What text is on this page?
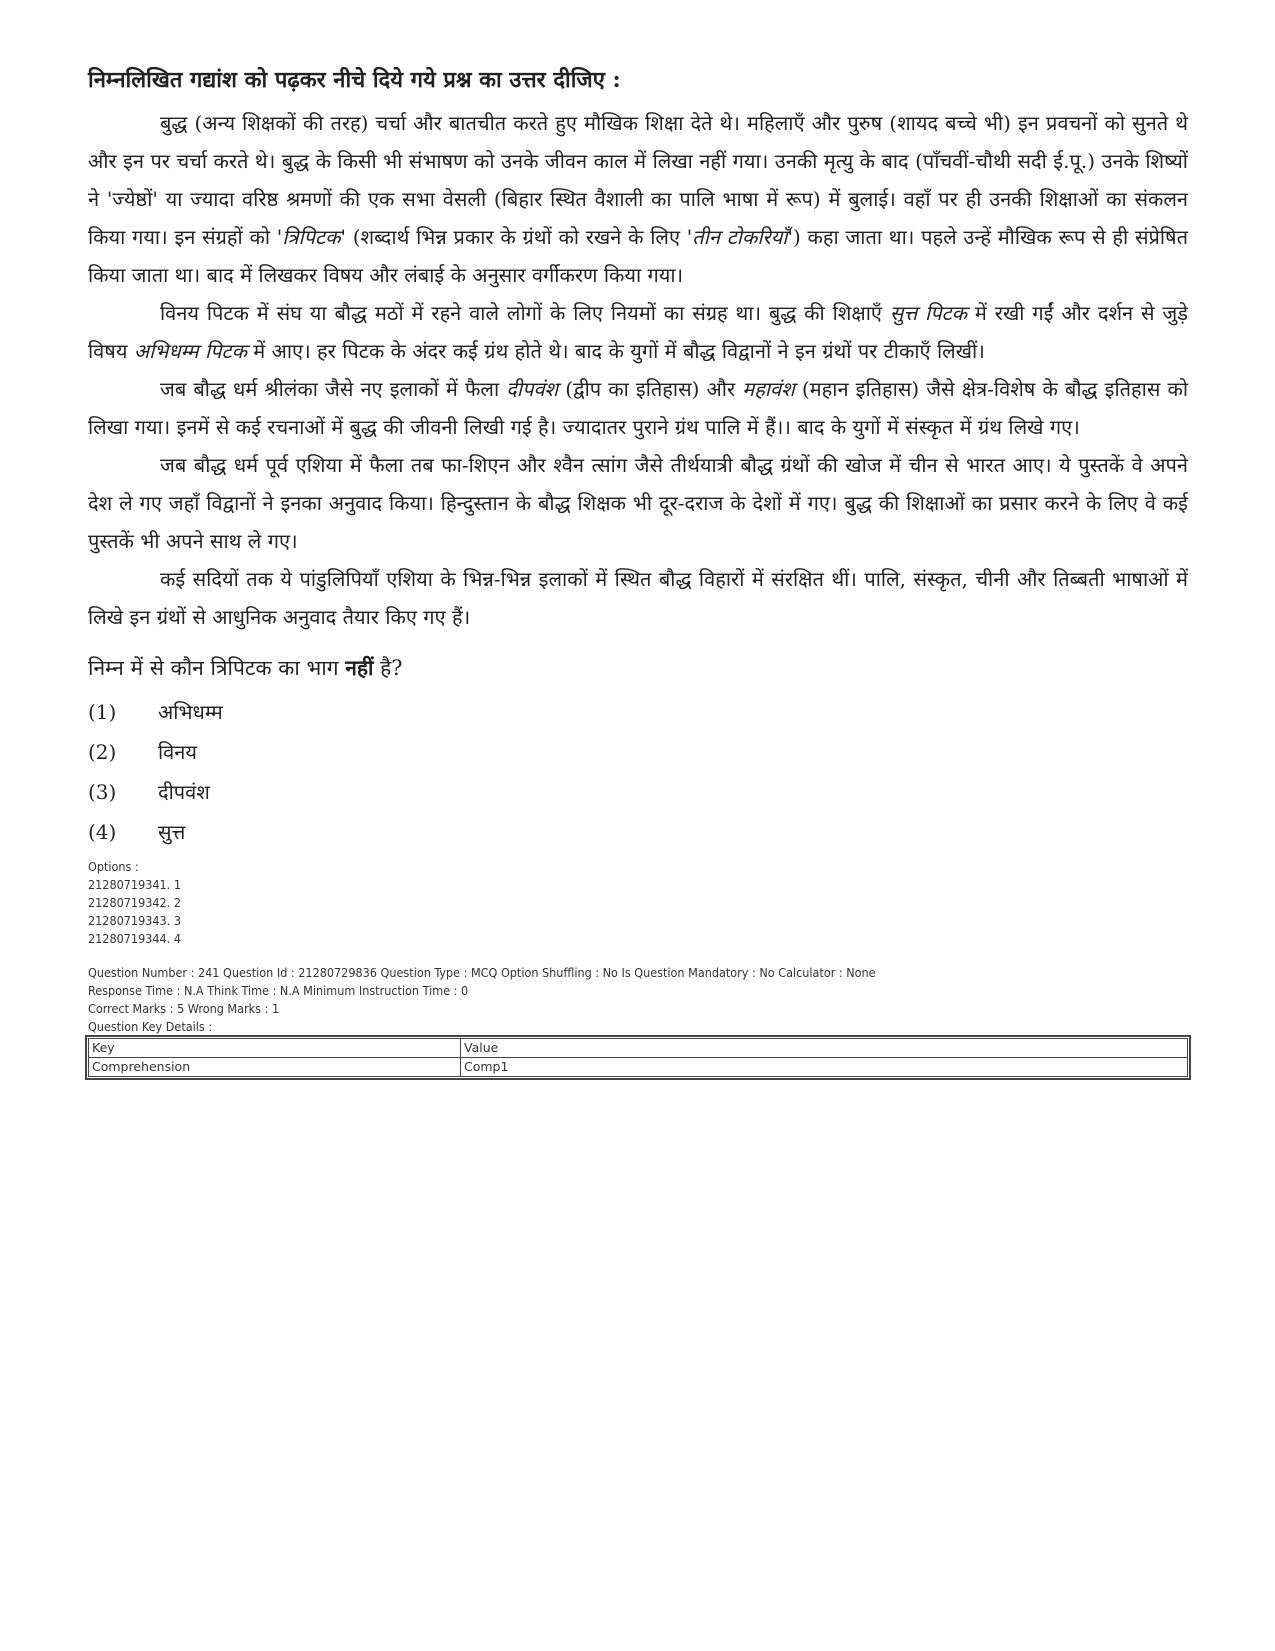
निम्नलिखित गद्यांश को पढ़कर नीचे दिये गये प्रश्न का उत्तर दीजिए :

बुद्ध (अन्य शिक्षकों की तरह) चर्चा और बातचीत करते हुए मौखिक शिक्षा देते थे। महिलाएँ और पुरुष (शायद बच्चे भी) इन प्रवचनों को सुनते थे और इन पर चर्चा करते थे। बुद्ध के किसी भी संभाषण को उनके जीवन काल में लिखा नहीं गया। उनकी मृत्यु के बाद (पाँचवीं-चौथी सदी ई.पू.) उनके शिष्यों ने 'ज्येष्ठों' या ज्यादा वरिष्ठ श्रमणों की एक सभा वेसली (बिहार स्थित वैशाली का पालि भाषा में रूप) में बुलाई। वहाँ पर ही उनकी शिक्षाओं का संकलन किया गया। इन संग्रहों को 'त्रिपिटक' (शब्दार्थ भिन्न प्रकार के ग्रंथों को रखने के लिए 'तीन टोकरियाँ') कहा जाता था। पहले उन्हें मौखिक रूप से ही संप्रेषित किया जाता था। बाद में लिखकर विषय और लंबाई के अनुसार वर्गीकरण किया गया।

विनय पिटक में संघ या बौद्ध मठों में रहने वाले लोगों के लिए नियमों का संग्रह था। बुद्ध की शिक्षाएँ सुत्त पिटक में रखी गईं और दर्शन से जुड़े विषय अभिधम्म पिटक में आए। हर पिटक के अंदर कई ग्रंथ होते थे। बाद के युगों में बौद्ध विद्वानों ने इन ग्रंथों पर टीकाएँ लिखीं।

जब बौद्ध धर्म श्रीलंका जैसे नए इलाकों में फैला दीपवंश (द्वीप का इतिहास) और महावंश (महान इतिहास) जैसे क्षेत्र-विशेष के बौद्ध इतिहास को लिखा गया। इनमें से कई रचनाओं में बुद्ध की जीवनी लिखी गई है। ज्यादातर पुराने ग्रंथ पालि में हैं।। बाद के युगों में संस्कृत में ग्रंथ लिखे गए।

जब बौद्ध धर्म पूर्व एशिया में फैला तब फा-शिएन और श्वैन त्सांग जैसे तीर्थयात्री बौद्ध ग्रंथों की खोज में चीन से भारत आए। ये पुस्तकें वे अपने देश ले गए जहाँ विद्वानों ने इनका अनुवाद किया। हिन्दुस्तान के बौद्ध शिक्षक भी दूर-दराज के देशों में गए। बुद्ध की शिक्षाओं का प्रसार करने के लिए वे कई पुस्तकें भी अपने साथ ले गए।

कई सदियों तक ये पांडुलिपियाँ एशिया के भिन्न-भिन्न इलाकों में स्थित बौद्ध विहारों में संरक्षित थीं। पालि, संस्कृत, चीनी और तिब्बती भाषाओं में लिखे इन ग्रंथों से आधुनिक अनुवाद तैयार किए गए हैं।

निम्न में से कौन त्रिपिटक का भाग नहीं है?
(1)	अभिधम्म
(2)	विनय
(3)	दीपवंश
(4)	सुत्त
Options :
21280719341. 1
21280719342. 2
21280719343. 3
21280719344. 4
Question Number : 241 Question Id : 21280729836 Question Type : MCQ Option Shuffling : No Is Question Mandatory : No Calculator : None
Response Time : N.A Think Time : N.A Minimum Instruction Time : 0
Correct Marks : 5 Wrong Marks : 1
Question Key Details :
Key	Value
Comprehension	Comp1
